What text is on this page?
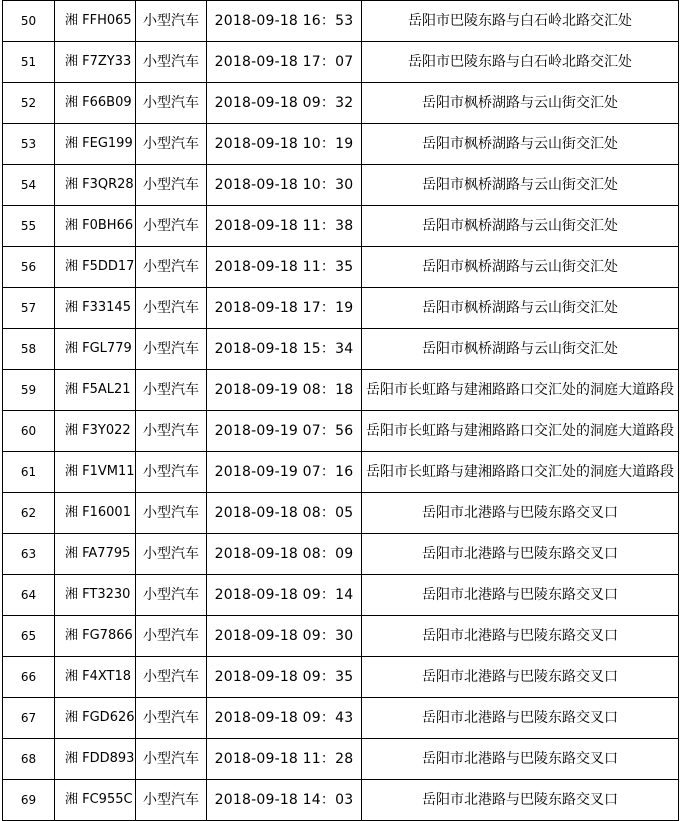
50	湘 FFH065	小型汽车	2018-09-18 16：53	岳阳市巴陵东路与白石岭北路交汇处
51	湘 F7ZY33	小型汽车	2018-09-18 17：07	岳阳市巴陵东路与白石岭北路交汇处
52	湘 F66B09	小型汽车	2018-09-18 09：32	岳阳市枫桥湖路与云山街交汇处
53	湘 FEG199	小型汽车	2018-09-18 10：19	岳阳市枫桥湖路与云山街交汇处
54	湘 F3QR28	小型汽车	2018-09-18 10：30	岳阳市枫桥湖路与云山街交汇处
55	湘 F0BH66	小型汽车	2018-09-18 11：38	岳阳市枫桥湖路与云山街交汇处
56	湘 F5DD17	小型汽车	2018-09-18 11：35	岳阳市枫桥湖路与云山街交汇处
57	湘 F33145	小型汽车	2018-09-18 17：19	岳阳市枫桥湖路与云山街交汇处
58	湘 FGL779	小型汽车	2018-09-18 15：34	岳阳市枫桥湖路与云山街交汇处
59	湘 F5AL21	小型汽车	2018-09-19 08：18	岳阳市长虹路与建湘路路口交汇处的洞庭大道路段
60	湘 F3Y022	小型汽车	2018-09-19 07：56	岳阳市长虹路与建湘路路口交汇处的洞庭大道路段
61	湘 F1VM11	小型汽车	2018-09-19 07：16	岳阳市长虹路与建湘路路口交汇处的洞庭大道路段
62	湘 F16001	小型汽车	2018-09-18 08：05	岳阳市北港路与巴陵东路交叉口
63	湘 FA7795	小型汽车	2018-09-18 08：09	岳阳市北港路与巴陵东路交叉口
64	湘 FT3230	小型汽车	2018-09-18 09：14	岳阳市北港路与巴陵东路交叉口
65	湘 FG7866	小型汽车	2018-09-18 09：30	岳阳市北港路与巴陵东路交叉口
66	湘 F4XT18	小型汽车	2018-09-18 09：35	岳阳市北港路与巴陵东路交叉口
67	湘 FGD626	小型汽车	2018-09-18 09：43	岳阳市北港路与巴陵东路交叉口
68	湘 FDD893	小型汽车	2018-09-18 11：28	岳阳市北港路与巴陵东路交叉口
69	湘 FC955C	小型汽车	2018-09-18 14：03	岳阳市北港路与巴陵东路交叉口
